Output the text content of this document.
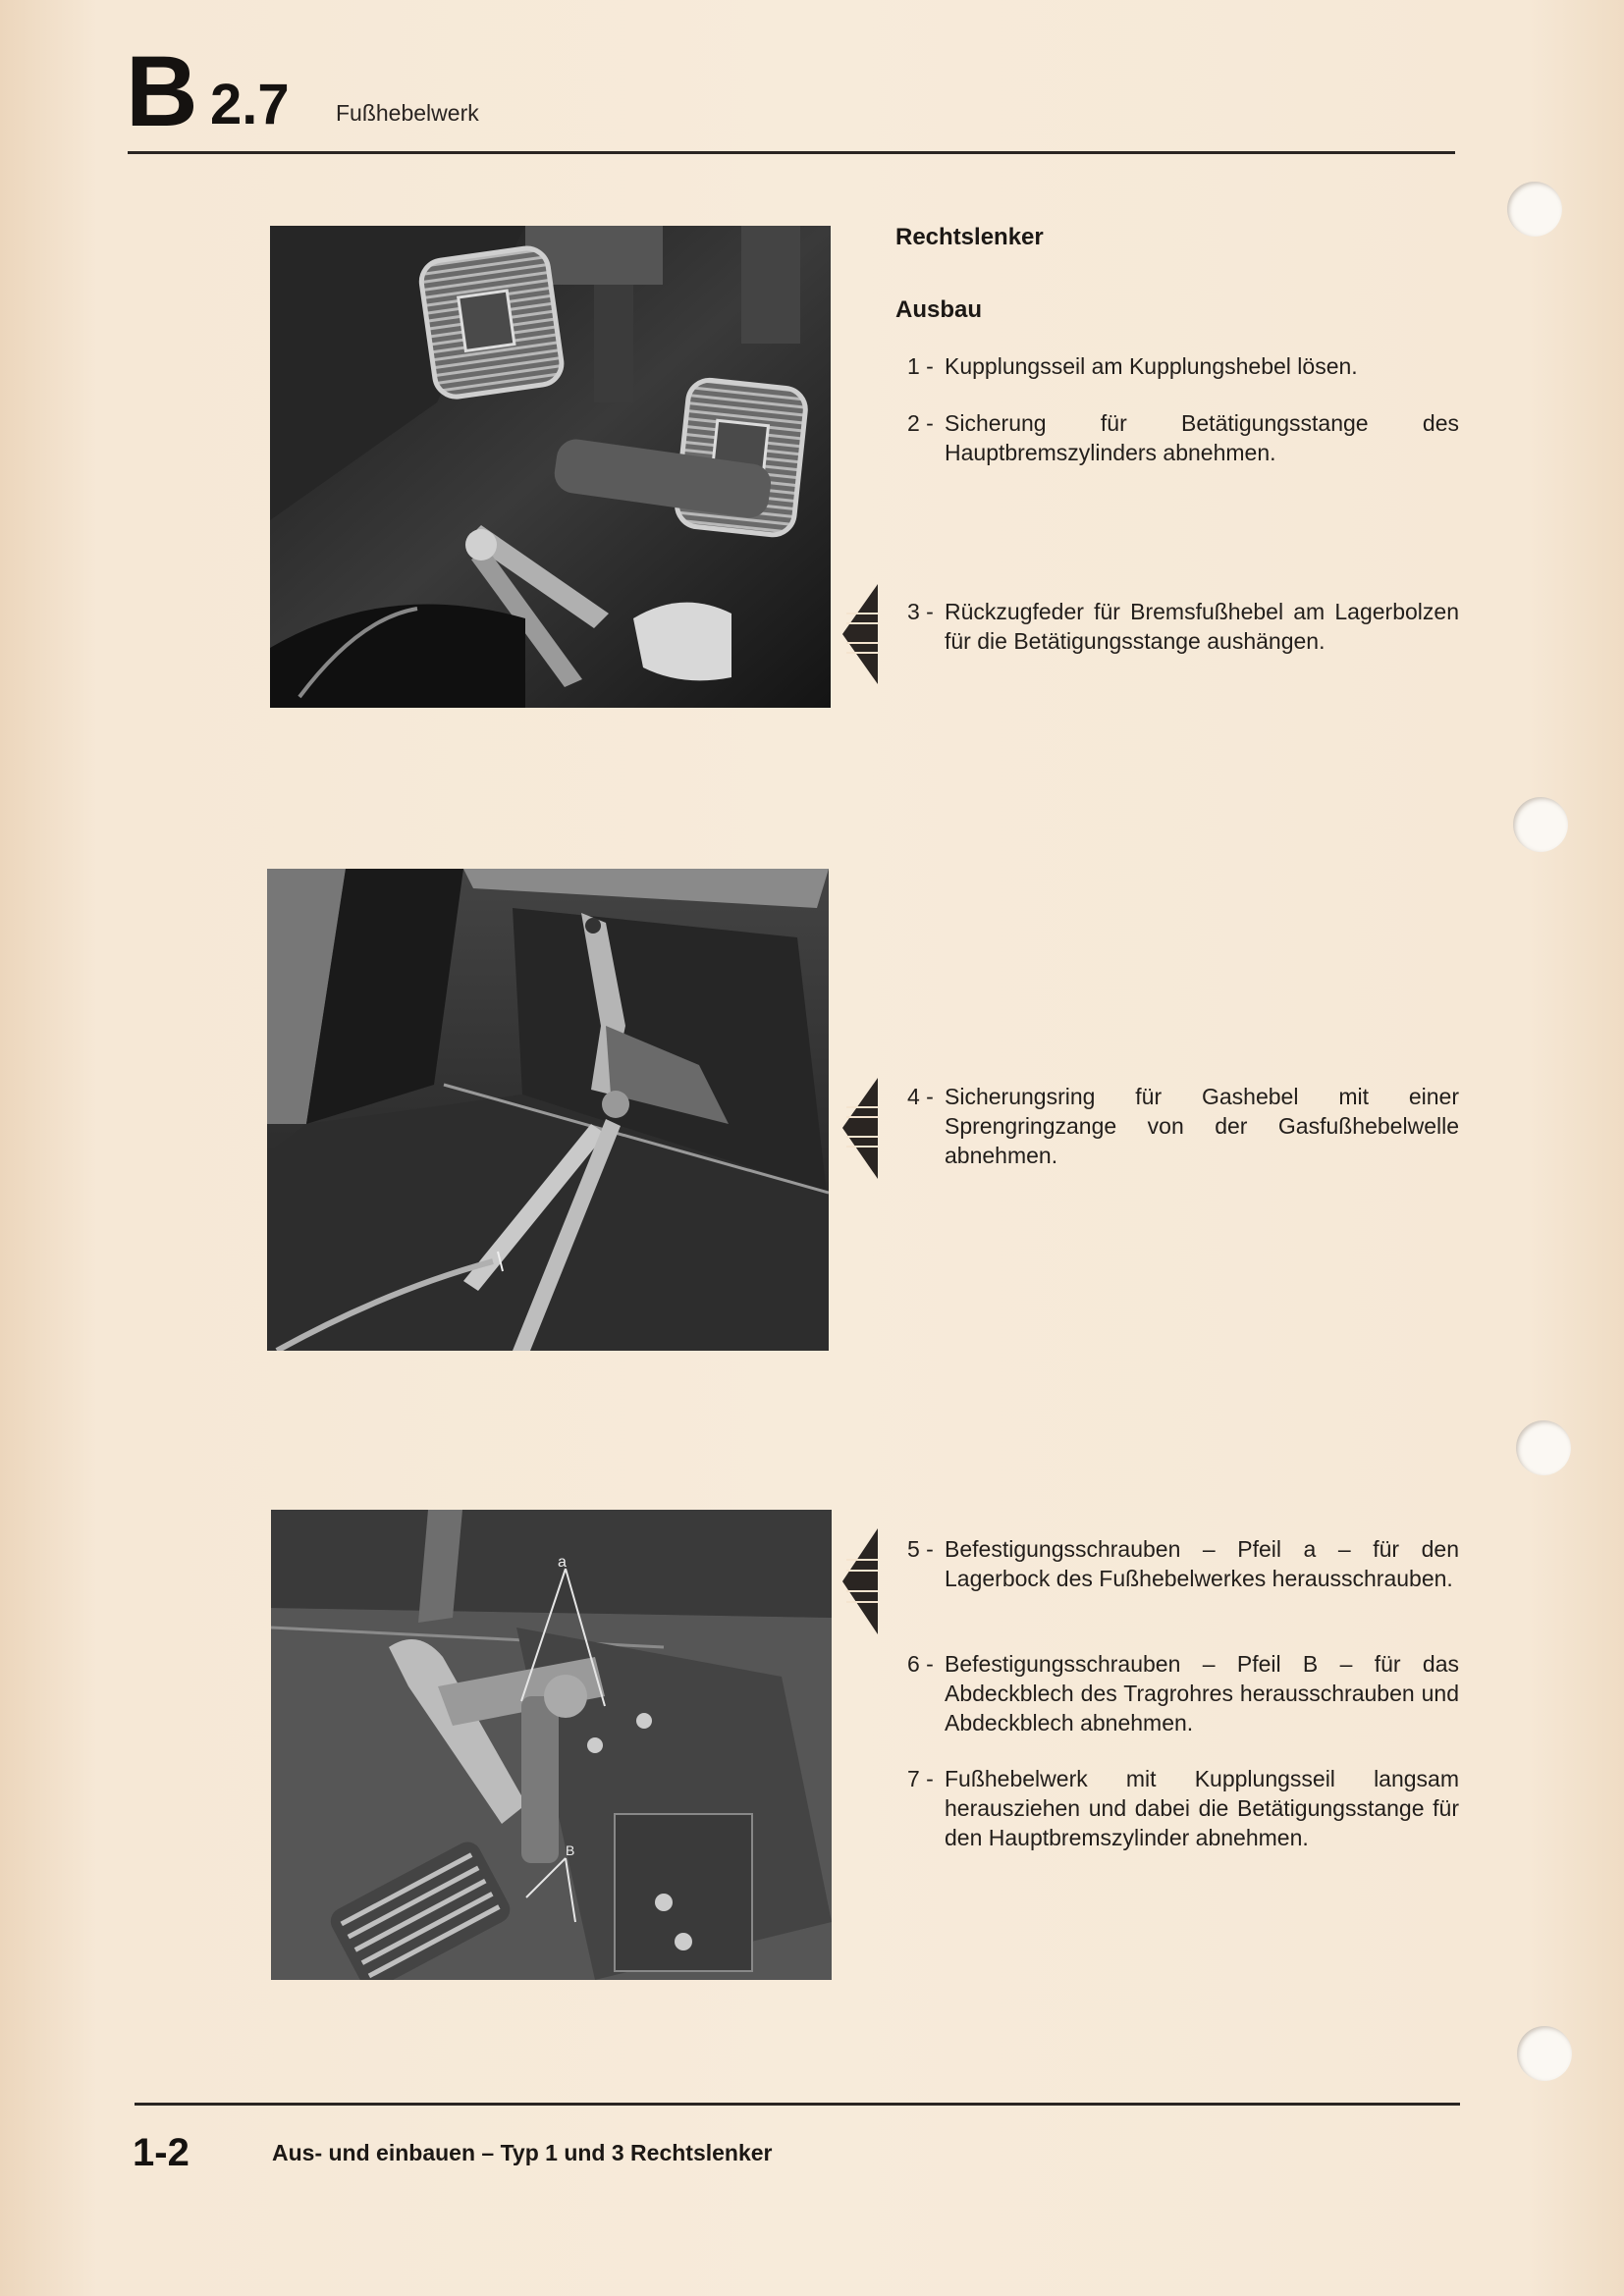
B 2.7 Fußhebelwerk
a
B
Rechtslenker
Ausbau
1 - Kupplungsseil am Kupplungshebel lösen.
2 - Sicherung für Betätigungsstange des Hauptbremszylinders abnehmen.
3 - Rückzugfeder für Bremsfußhebel am Lagerbolzen für die Betätigungsstange aushängen.
4 - Sicherungsring für Gashebel mit einer Sprengringzange von der Gasfußhebelwelle abnehmen.
5 - Befestigungsschrauben – Pfeil a – für den Lagerbock des Fußhebelwerkes herausschrauben.
6 - Befestigungsschrauben – Pfeil B – für das Abdeckblech des Tragrohres herausschrauben und Abdeckblech abnehmen.
7 - Fußhebelwerk mit Kupplungsseil langsam herausziehen und dabei die Betätigungsstange für den Hauptbremszylinder abnehmen.
1-2	Aus- und einbauen – Typ 1 und 3 Rechtslenker
